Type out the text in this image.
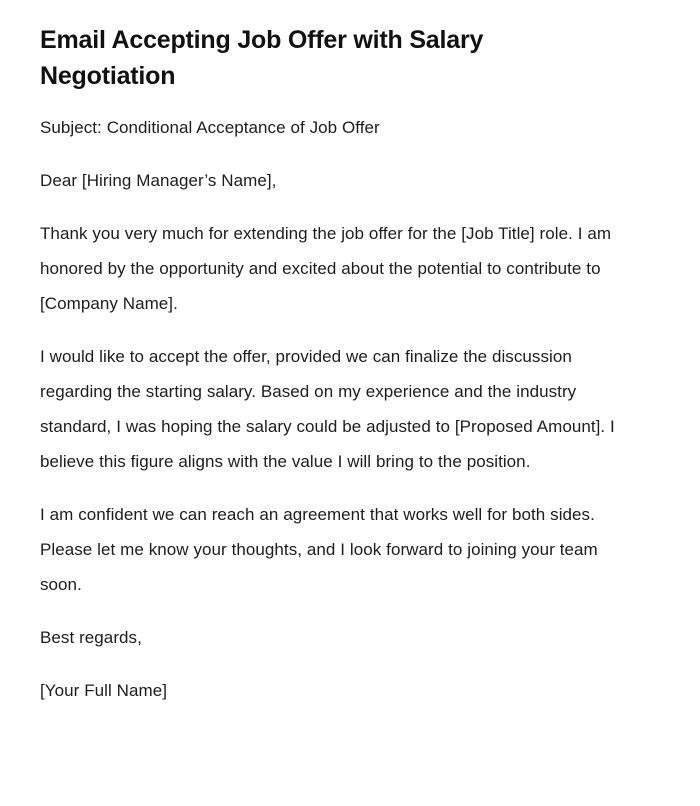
Email Accepting Job Offer with Salary Negotiation

Subject: Conditional Acceptance of Job Offer

Dear [Hiring Manager’s Name],

Thank you very much for extending the job offer for the [Job Title] role. I am honored by the opportunity and excited about the potential to contribute to [Company Name].

I would like to accept the offer, provided we can finalize the discussion regarding the starting salary. Based on my experience and the industry standard, I was hoping the salary could be adjusted to [Proposed Amount]. I believe this figure aligns with the value I will bring to the position.

I am confident we can reach an agreement that works well for both sides. Please let me know your thoughts, and I look forward to joining your team soon.

Best regards,

[Your Full Name]
